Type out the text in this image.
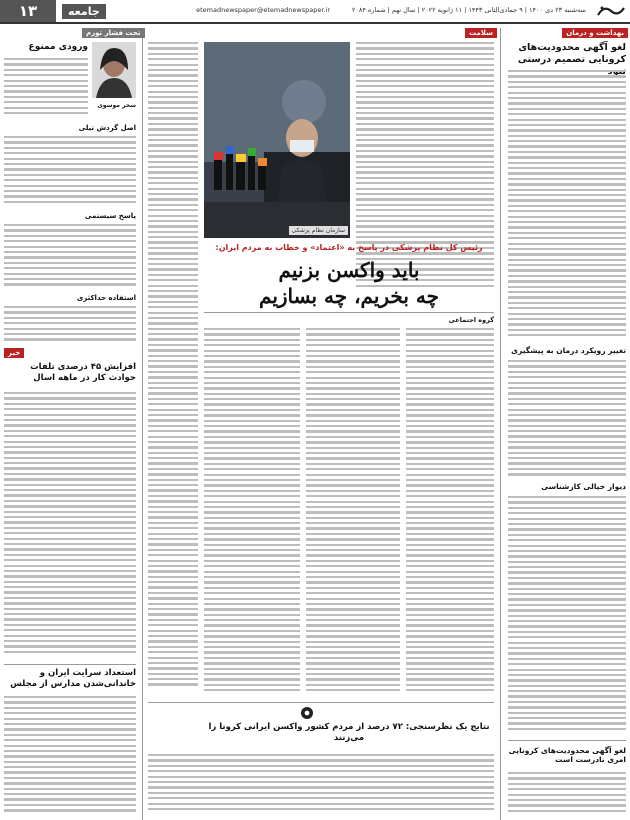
سه‌شنبه ۲۳ دی ۱۴۰۰ | ۹ جمادی‌الثانی ۱۴۴۳ | ۱۱ ژانویه ۲۰۲۲ | سال نهم | شماره ۲۰۸۴
etemadnewspaper@etemadnewspaper.ir
جامعه
۱۳
بهداشت و درمان
لغو آگهی محدودیت‌های کرونایی تصمیم درستی
تغییر رویکرد درمان به پیشگیری
دیوار خیالی کارشناسی
لغو آگهی محدودیت‌های کرونایی امری نادرست است
سلامت
سازمان نظام پزشکی
رئیس کل نظام پزشکی در پاسخ به «اعتماد» و خطاب به مردم ایران:
باید واکسن بزنیم
چه بخریم، چه بسازیم
گروه اجتماعی
نتایج یک نظرسنجی: ۷۲ درصد از مردم کشور واکسن ایرانی کرونا را می‌زنند
تحت فشار تورم
ورودی ممنوع
سحر موسوی
اصل گردش تیلی
پاسخ سیستمی
استفاده حداکثری
خبر
افزایش ۴۵ درصدی تلفات حوادث کار در ماهه اسال
استعداد سرایت ایران و خاندانی‌شدن مدارس از مجلس
